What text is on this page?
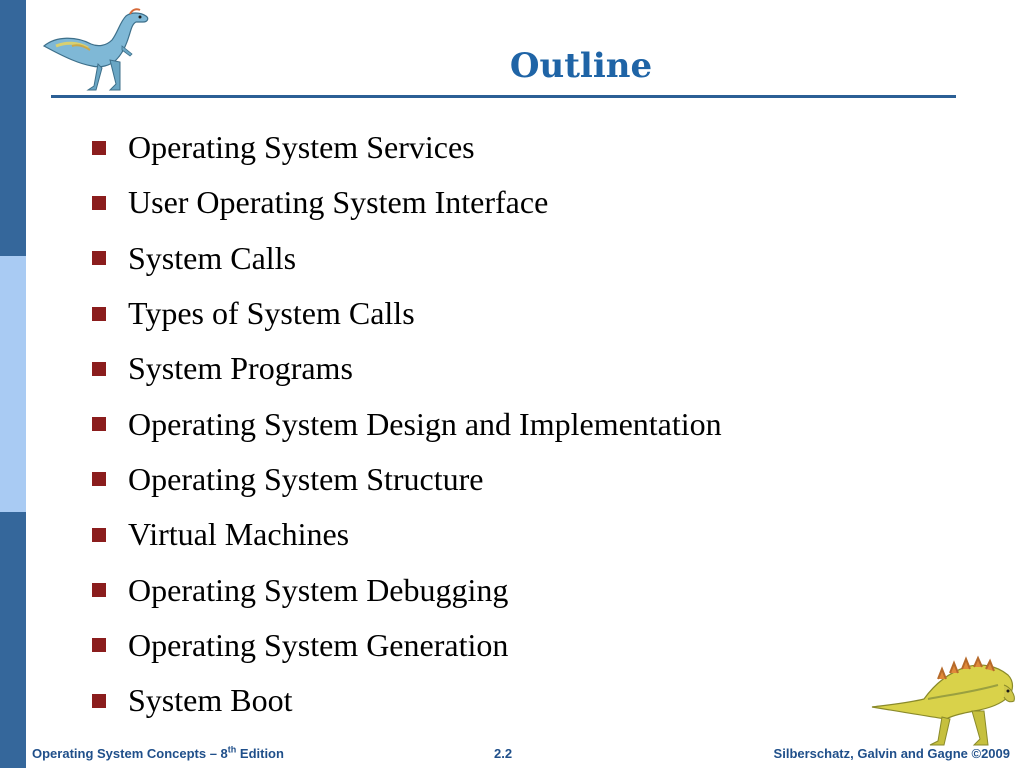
Outline
Operating System Services
User Operating System Interface
System Calls
Types of System Calls
System Programs
Operating System Design and Implementation
Operating System Structure
Virtual Machines
Operating System Debugging
Operating System Generation
System Boot
Operating System Concepts – 8th Edition	2.2	Silberschatz, Galvin and Gagne ©2009
